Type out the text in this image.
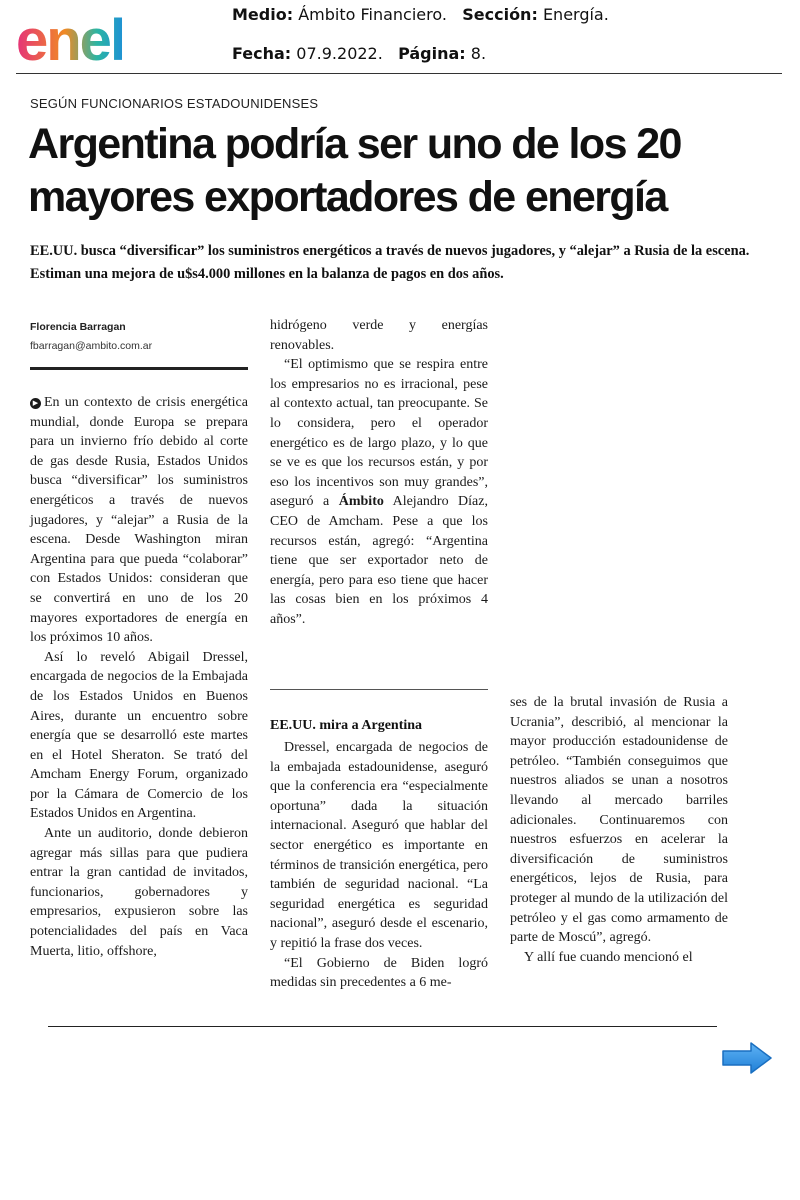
enel	Medio: Ámbito Financiero. Sección: Energía.
Fecha: 07.9.2022. Página: 8.
SEGÚN FUNCIONARIOS ESTADOUNIDENSES
Argentina podría ser uno de los 20 mayores exportadores de energía
EE.UU. busca “diversificar” los suministros energéticos a través de nuevos jugadores, y “alejar” a Rusia de la escena. Estiman una mejora de u$s4.000 millones en la balanza de pagos en dos años.
Florencia Barragan
fbarragan@ambito.com.ar

▶ En un contexto de crisis energética mundial, donde Europa se prepara para un invierno frío debido al corte de gas desde Rusia, Estados Unidos busca “diversificar” los suministros energéticos a través de nuevos jugadores, y “alejar” a Rusia de la escena. Desde Washington miran Argentina para que pueda “colaborar” con Estados Unidos: consideran que se convertirá en uno de los 20 mayores exportadores de energía en los próximos 10 años.

Así lo reveló Abigail Dressel, encargada de negocios de la Embajada de los Estados Unidos en Buenos Aires, durante un encuentro sobre energía que se desarrolló este martes en el Hotel Sheraton. Se trató del Amcham Energy Forum, organizado por la Cámara de Comercio de los Estados Unidos en Argentina.

Ante un auditorio, donde debieron agregar más sillas para que pudiera entrar la gran cantidad de invitados, funcionarios, gobernadores y empresarios, expusieron sobre las potencialidades del país en Vaca Muerta, litio, offshore,

hidrógeno verde y energías renovables.

“El optimismo que se respira entre los empresarios no es irracional, pese al contexto actual, tan preocupante. Se lo considera, pero el operador energético es de largo plazo, y lo que se ve es que los recursos están, y por eso los incentivos son muy grandes”, aseguró a Ámbito Alejandro Díaz, CEO de Amcham. Pese a que los recursos están, agregó: “Argentina tiene que ser exportador neto de energía, pero para eso tiene que hacer las cosas bien en los próximos 4 años”.

EE.UU. mira a Argentina

Dressel, encargada de negocios de la embajada estadounidense, aseguró que la conferencia era “especialmente oportuna” dada la situación internacional. Aseguró que hablar del sector energético es importante en términos de transición energética, pero también de seguridad nacional. “La seguridad energética es seguridad nacional”, aseguró desde el escenario, y repitió la frase dos veces.

“El Gobierno de Biden logró medidas sin precedentes a 6 me-

ses de la brutal invasión de Rusia a Ucrania”, describió, al mencionar la mayor producción estadounidense de petróleo. “También conseguimos que nuestros aliados se unan a nosotros llevando al mercado barriles adicionales. Continuaremos con nuestros esfuerzos en acelerar la diversificación de suministros energéticos, lejos de Rusia, para proteger al mundo de la utilización del petróleo y el gas como armamento de parte de Moscú”, agregó.

Y allí fue cuando mencionó el
